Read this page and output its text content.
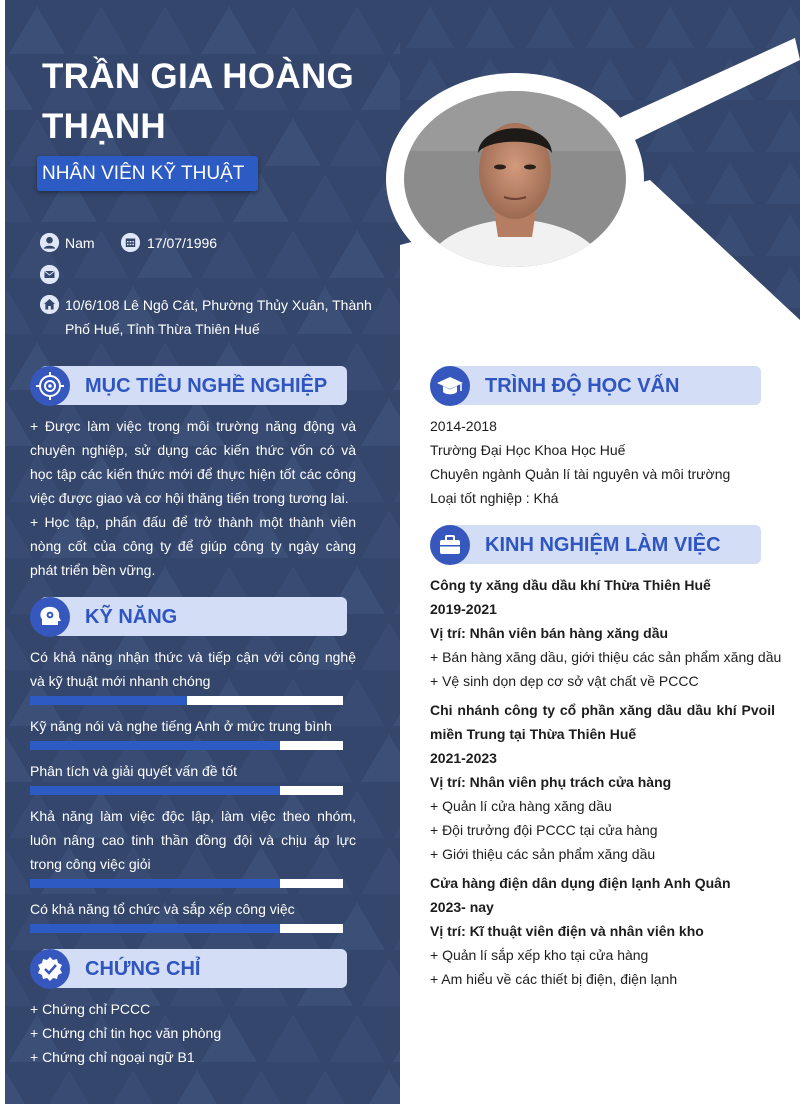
TRẦN GIA HOÀNG THẠNH
NHÂN VIÊN KỸ THUẬT
Nam	17/07/1996
10/6/108 Lê Ngô Cát, Phường Thủy Xuân, Thành Phố Huế, Tỉnh Thừa Thiên Huế
MỤC TIÊU NGHỀ NGHIỆP
+ Được làm việc trong môi trường năng động và chuyên nghiệp, sử dụng các kiến thức vốn có và học tập các kiến thức mới để thực hiện tốt các công việc được giao và cơ hội thăng tiến trong tương lai.
+ Học tập, phấn đấu để trở thành một thành viên nòng cốt của công ty để giúp công ty ngày càng phát triển bền vững.
KỸ NĂNG
Có khả năng nhận thức và tiếp cận với công nghệ và kỹ thuật mới nhanh chóng
Kỹ năng nói và nghe tiếng Anh ở mức trung bình
Phân tích và giải quyết vấn đề tốt
Khả năng làm việc độc lập, làm việc theo nhóm, luôn nâng cao tinh thần đồng đội và chịu áp lực trong công việc giỏi
Có khả năng tổ chức và sắp xếp công việc
CHỨNG CHỈ
+ Chứng chỉ PCCC
+ Chứng chỉ tin học văn phòng
+ Chứng chỉ ngoại ngữ B1
TRÌNH ĐỘ HỌC VẤN
2014-2018
Trường Đại Học Khoa Học Huế
Chuyên ngành Quản lí tài nguyên và môi trường
Loại tốt nghiệp : Khá
KINH NGHIỆM LÀM VIỆC
Công ty xăng dầu dầu khí Thừa Thiên Huế
2019-2021
Vị trí: Nhân viên bán hàng xăng dầu
+ Bán hàng xăng dầu, giới thiệu các sản phẩm xăng dầu
+ Vệ sinh dọn dẹp cơ sở vật chất về PCCC
Chi nhánh công ty cổ phần xăng dầu dầu khí Pvoil miền Trung tại Thừa Thiên Huế
2021-2023
Vị trí: Nhân viên phụ trách cửa hàng
+ Quản lí cửa hàng xăng dầu
+ Đội trưởng đội PCCC tại cửa hàng
+ Giới thiệu các sản phẩm xăng dầu
Cửa hàng điện dân dụng điện lạnh Anh Quân
2023- nay
Vị trí: Kĩ thuật viên điện và nhân viên kho
+ Quản lí sắp xếp kho tại cửa hàng
+ Am hiểu về các thiết bị điện, điện lạnh
